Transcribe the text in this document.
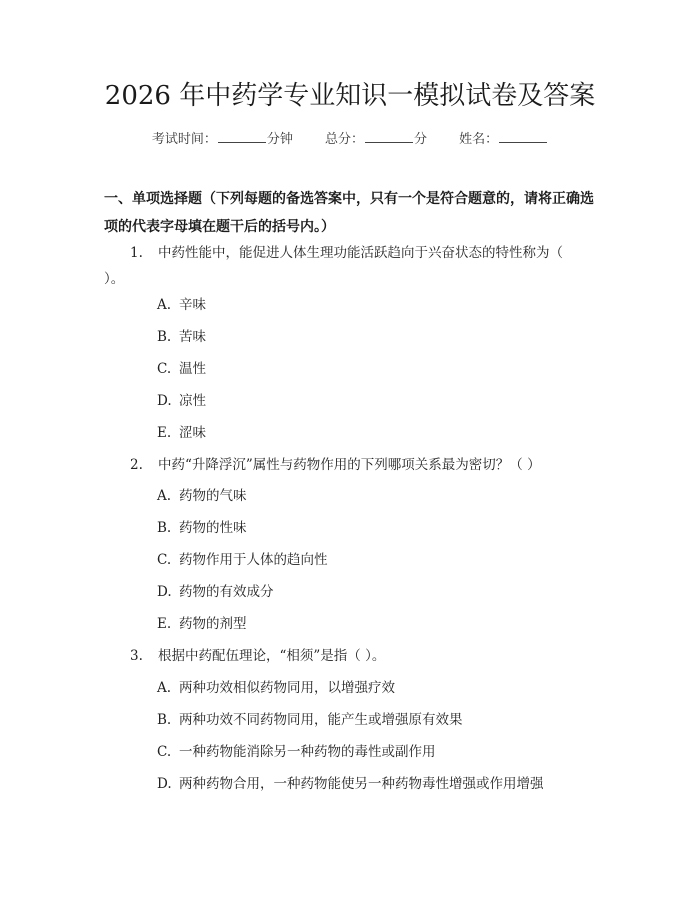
2026 年中药学专业知识一模拟试卷及答案
考试时间：	分钟 总分：	分 姓名：
一、单项选择题（下列每题的备选答案中，只有一个是符合题意的，请将正确选项的代表字母填在题干后的括号内。）
1. 中药性能中，能促进人体生理功能活跃趋向于兴奋状态的特性称为（ ）。
A. 辛味
B. 苦味
C. 温性
D. 凉性
E. 涩味
2. 中药“升降浮沉”属性与药物作用的下列哪项关系最为密切？（ ）
A. 药物的气味
B. 药物的性味
C. 药物作用于人体的趋向性
D. 药物的有效成分
E. 药物的剂型
3. 根据中药配伍理论，“相须”是指（ ）。
A. 两种功效相似药物同用，以增强疗效
B. 两种功效不同药物同用，能产生或增强原有效果
C. 一种药物能消除另一种药物的毒性或副作用
D. 两种药物合用，一种药物能使另一种药物毒性增强或作用增强
